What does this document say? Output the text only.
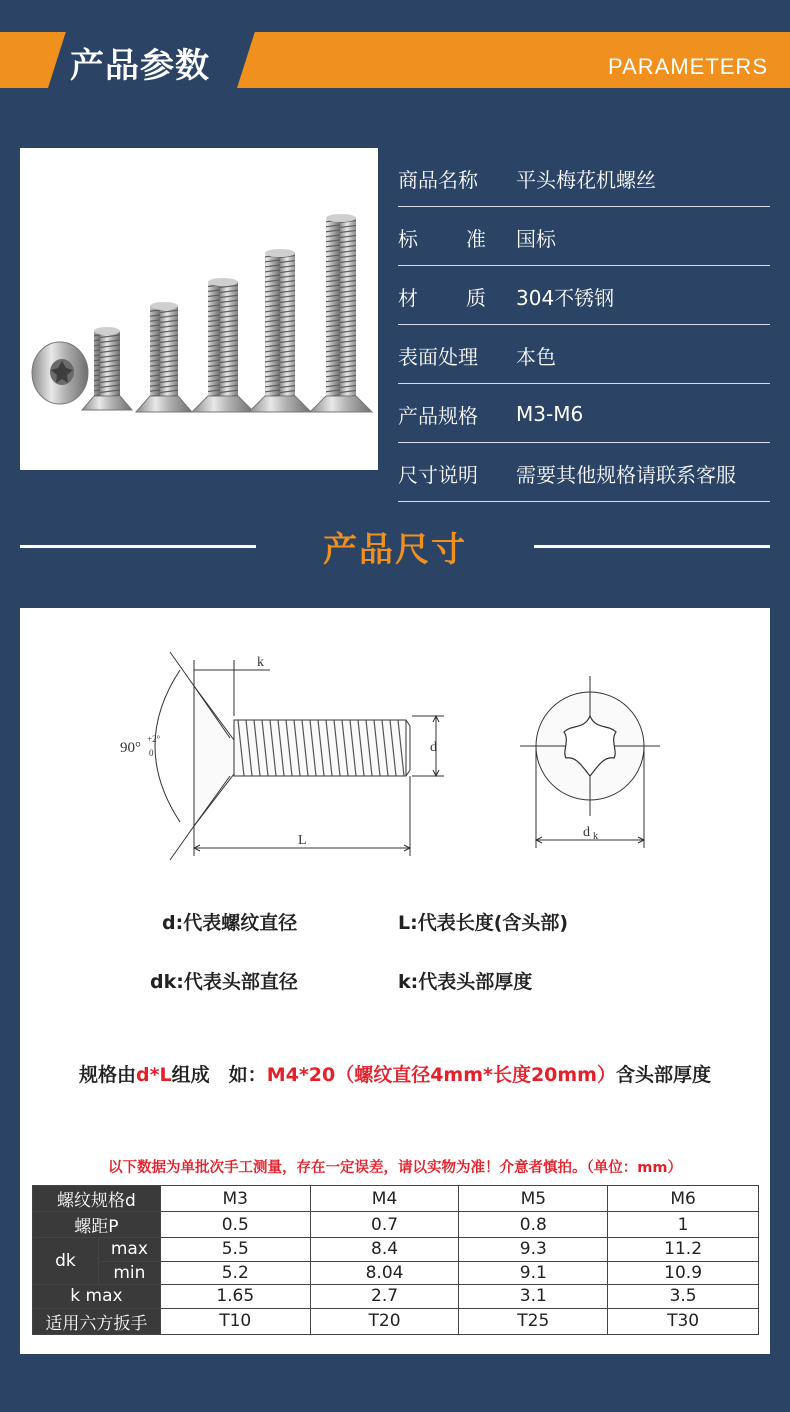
产品参数	PARAMETERS
商品名称 平头梅花机螺丝
标 准 国标
材 质 304不锈钢
表面处理 本色
产品规格 M3-M6
尺寸说明 需要其他规格请联系客服
产品尺寸
k
d
L
90°
+2°
0
d k
d:代表螺纹直径	L:代表长度(含头部)
dk:代表头部直径	k:代表头部厚度
规格由d*L组成　如：M4*20（螺纹直径4mm*长度20mm）含头部厚度
以下数据为单批次手工测量，存在一定误差，请以实物为准！介意者慎拍。（单位：mm）
螺纹规格d		M3	M4	M5	M6
螺距P		0.5	0.7	0.8	1
dk	max	5.5	8.4	9.3	11.2
	min	5.2	8.04	9.1	10.9
k max		1.65	2.7	3.1	3.5
适用六方扳手		T10	T20	T25	T30
